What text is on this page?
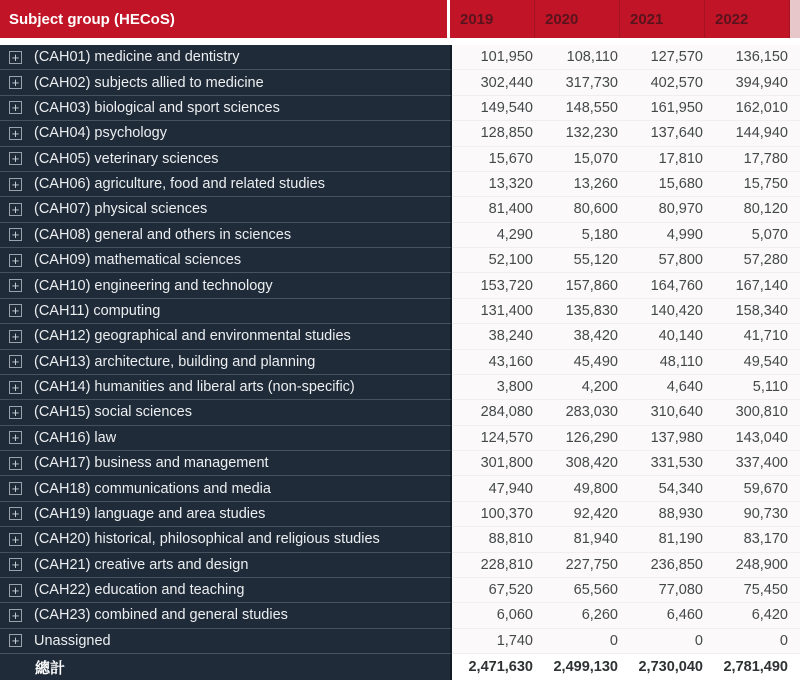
Subject group (HECoS)	2019	2020	2021	2022
+ (CAH01) medicine and dentistry	101,950	108,110	127,570	136,150
+ (CAH02) subjects allied to medicine	302,440	317,730	402,570	394,940
+ (CAH03) biological and sport sciences	149,540	148,550	161,950	162,010
+ (CAH04) psychology	128,850	132,230	137,640	144,940
+ (CAH05) veterinary sciences	15,670	15,070	17,810	17,780
+ (CAH06) agriculture, food and related studies	13,320	13,260	15,680	15,750
+ (CAH07) physical sciences	81,400	80,600	80,970	80,120
+ (CAH08) general and others in sciences	4,290	5,180	4,990	5,070
+ (CAH09) mathematical sciences	52,100	55,120	57,800	57,280
+ (CAH10) engineering and technology	153,720	157,860	164,760	167,140
+ (CAH11) computing	131,400	135,830	140,420	158,340
+ (CAH12) geographical and environmental studies	38,240	38,420	40,140	41,710
+ (CAH13) architecture, building and planning	43,160	45,490	48,110	49,540
+ (CAH14) humanities and liberal arts (non-specific)	3,800	4,200	4,640	5,110
+ (CAH15) social sciences	284,080	283,030	310,640	300,810
+ (CAH16) law	124,570	126,290	137,980	143,040
+ (CAH17) business and management	301,800	308,420	331,530	337,400
+ (CAH18) communications and media	47,940	49,800	54,340	59,670
+ (CAH19) language and area studies	100,370	92,420	88,930	90,730
+ (CAH20) historical, philosophical and religious studies	88,810	81,940	81,190	83,170
+ (CAH21) creative arts and design	228,810	227,750	236,850	248,900
+ (CAH22) education and teaching	67,520	65,560	77,080	75,450
+ (CAH23) combined and general studies	6,060	6,260	6,460	6,420
+ Unassigned	1,740	0	0	0
總計	2,471,630	2,499,130	2,730,040	2,781,490
